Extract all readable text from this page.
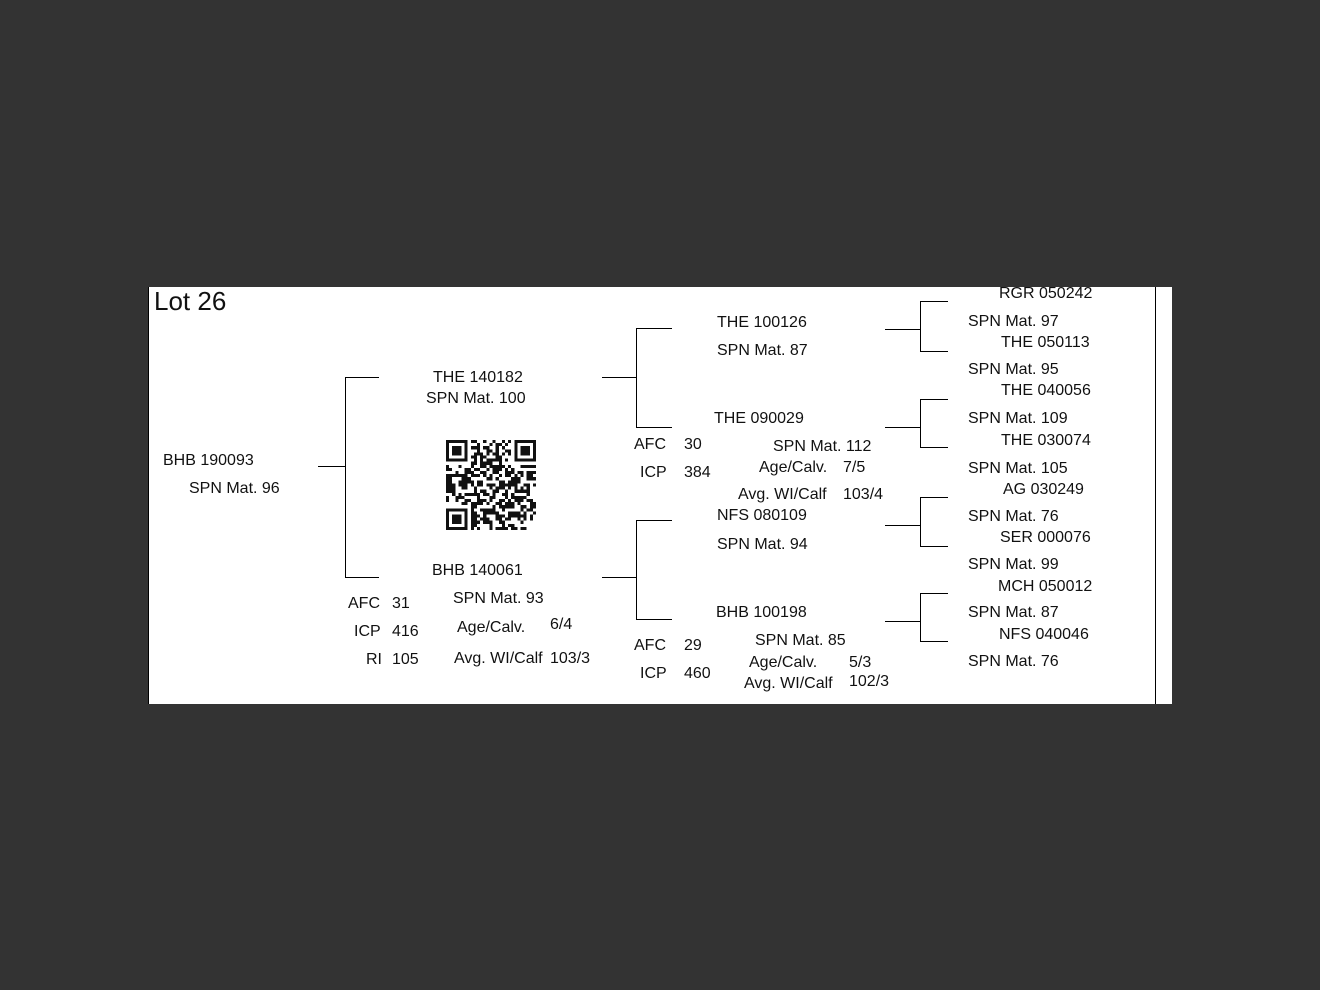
Lot 26
BHB 190093
SPN Mat. 96
THE 140182
SPN Mat. 100
BHB 140061
SPN Mat. 93
AFC 31
ICP 416
RI 105
Age/Calv. 6/4
Avg. WI/Calf 103/3
THE 100126
SPN Mat. 87
THE 090029
SPN Mat. 112
AFC 30
ICP 384	Age/Calv. 7/5
Avg. WI/Calf 103/4
NFS 080109
SPN Mat. 94
BHB 100198
SPN Mat. 85
AFC 29
ICP 460
Age/Calv. 5/3
Avg. WI/Calf 102/3
RGR 050242
SPN Mat. 97
THE 050113
SPN Mat. 95
THE 040056
SPN Mat. 109
THE 030074
SPN Mat. 105
AG 030249
SPN Mat. 76
SER 000076
SPN Mat. 99
MCH 050012
SPN Mat. 87
NFS 040046
SPN Mat. 76
